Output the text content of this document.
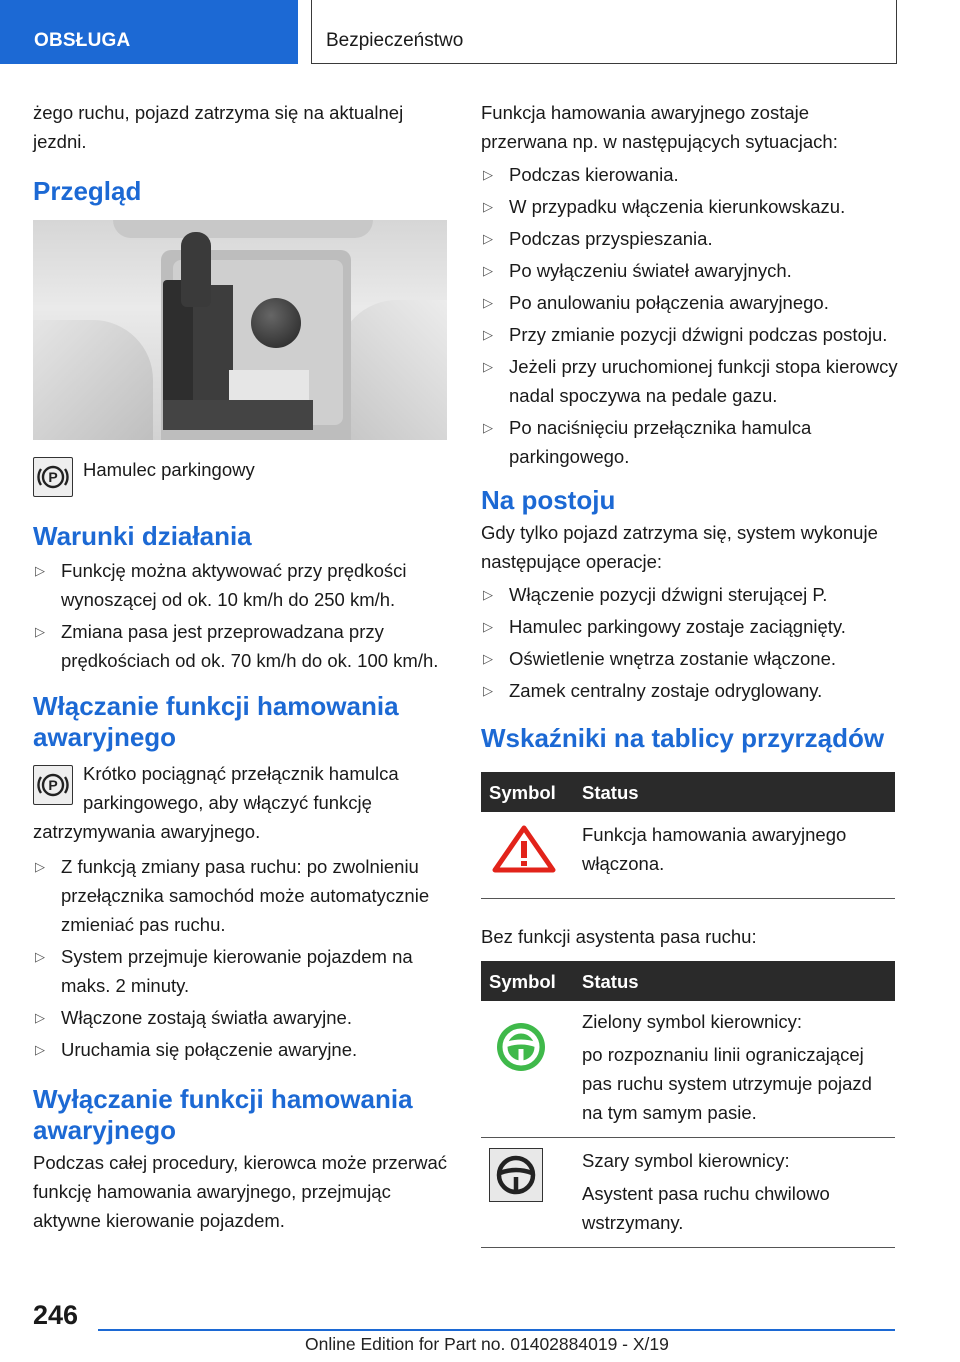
OBSŁUGA	Bezpieczeństwo

żego ruchu, pojazd zatrzyma się na aktualnej jezdni.

Przegląd
P Hamulec parkingowy
Warunki działania
▷ Funkcję można aktywować przy prędkości wynoszącej od ok. 10 km/h do 250 km/h.
▷ Zmiana pasa jest przeprowadzana przy prędkościach od ok. 70 km/h do ok. 100 km/h.
Włączanie funkcji hamowania awaryjnego
P

Krótko pociągnąć przełącznik hamulca parkingowego, aby włączyć funkcję zatrzymywania awaryjnego.

▷ Z funkcją zmiany pasa ruchu: po zwolnieniu przełącznika samochód może automatycznie zmieniać pas ruchu.
▷ System przejmuje kierowanie pojazdem na maks. 2 minuty.
▷ Włączone zostają światła awaryjne.
▷ Uruchamia się połączenie awaryjne.
Wyłączanie funkcji hamowania awaryjnego

Podczas całej procedury, kierowca może przerwać funkcję hamowania awaryjnego, przejmując aktywne kierowanie pojazdem.

Funkcja hamowania awaryjnego zostaje przerwana np. w następujących sytuacjach:

▷ Podczas kierowania.
▷ W przypadku włączenia kierunkowskazu.
▷ Podczas przyspieszania.
▷ Po wyłączeniu świateł awaryjnych.
▷ Po anulowaniu połączenia awaryjnego.
▷ Przy zmianie pozycji dźwigni podczas postoju.
▷ Jeżeli przy uruchomionej funkcji stopa kierowcy nadal spoczywa na pedale gazu.
▷ Po naciśnięciu przełącznika hamulca parkingowego.
Na postoju

Gdy tylko pojazd zatrzyma się, system wykonuje następujące operacje:

▷ Włączenie pozycji dźwigni sterującej P.
▷ Hamulec parkingowy zostaje zaciągnięty.
▷ Oświetlenie wnętrza zostanie włączone.
▷ Zamek centralny zostaje odryglowany.
Wskaźniki na tablicy przyrządów
Symbol	Status
	Funkcja hamowania awaryjnego włączona.

Bez funkcji asystenta pasa ruchu:

Symbol	Status

Zielony symbol kierownicy:

po rozpoznaniu linii ograniczającej pas ruchu system utrzymuje pojazd na tym samym pasie.

Szary symbol kierownicy:

Asystent pasa ruchu chwilowo wstrzymany.

246
Online Edition for Part no. 01402884019 - X/19
